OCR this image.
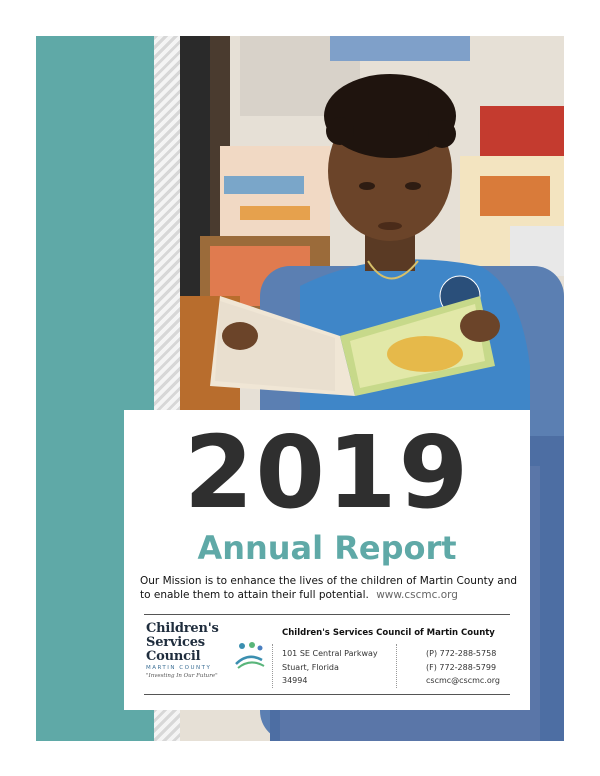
2019
Annual Report
Our Mission is to enhance the lives of the children of Martin County and to enable them to attain their full potential. www.cscmc.org
Children's
Services
Council
MARTIN COUNTY
"Investing In Our Future"
Children's Services Council of Martin County
101 SE Central Parkway
Stuart, Florida
34994
(P) 772-288-5758
(F) 772-288-5799
cscmc@cscmc.org
